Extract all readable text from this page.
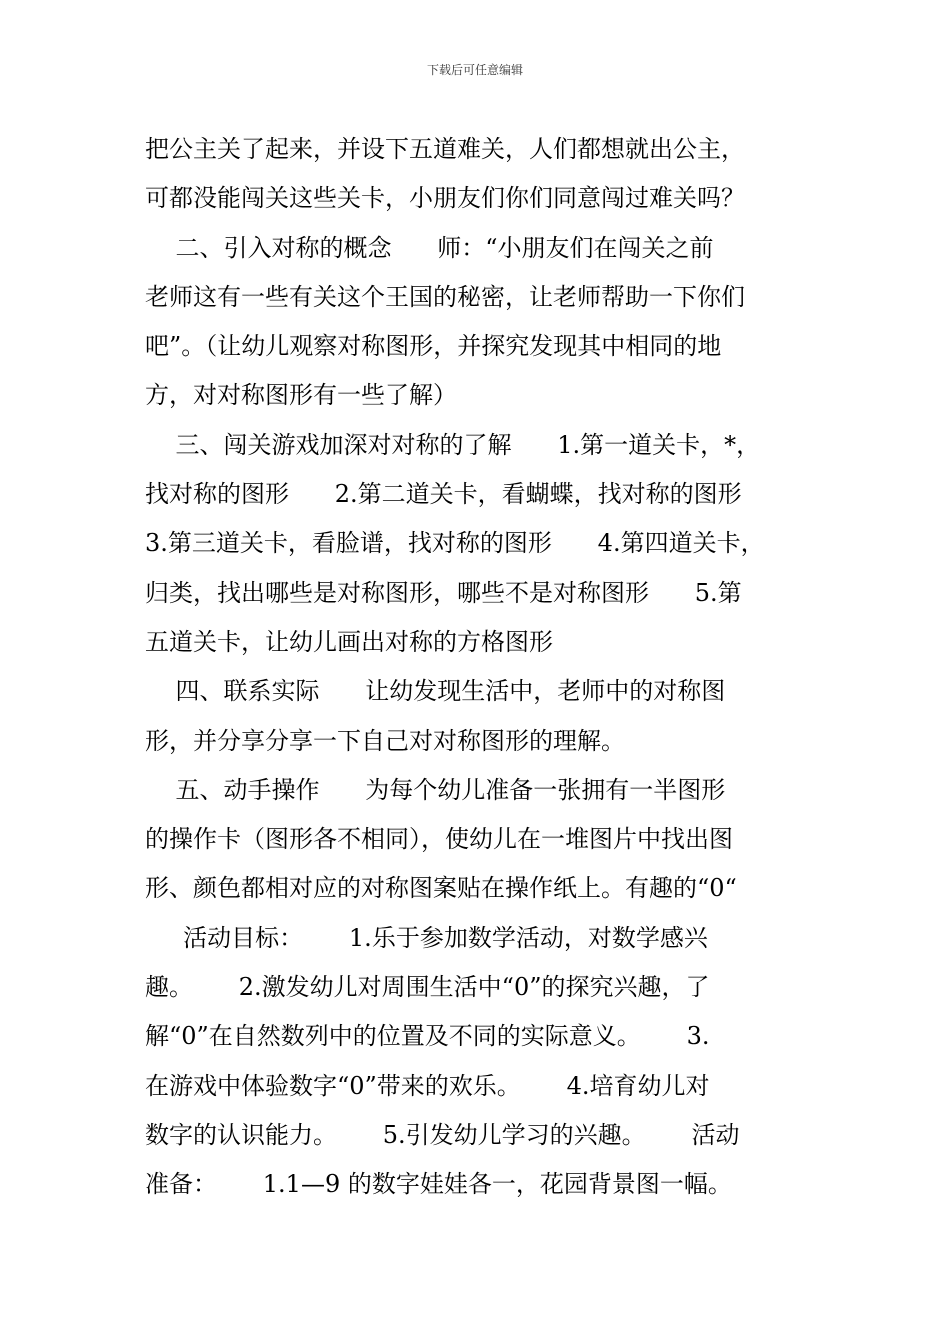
下载后可任意编辑
把公主关了起来，并设下五道难关，人们都想就出公主，
可都没能闯关这些关卡，小朋友们你们同意闯过难关吗？
二、引入对称的概念      师：“小朋友们在闯关之前
老师这有一些有关这个王国的秘密，让老师帮助一下你们
吧”。（让幼儿观察对称图形，并探究发现其中相同的地
方，对对称图形有一些了解）
三、闯关游戏加深对对称的了解      1.第一道关卡，*，
找对称的图形      2.第二道关卡，看蝴蝶，找对称的图形
3.第三道关卡，看脸谱，找对称的图形      4.第四道关卡，
归类，找出哪些是对称图形，哪些不是对称图形      5.第
五道关卡，让幼儿画出对称的方格图形
四、联系实际      让幼发现生活中，老师中的对称图
形，并分享分享一下自己对对称图形的理解。
五、动手操作      为每个幼儿准备一张拥有一半图形
的操作卡（图形各不相同），使幼儿在一堆图片中找出图
形、颜色都相对应的对称图案贴在操作纸上。有趣的“0“
活动目标：      1.乐于参加数学活动，对数学感兴
趣。      2.激发幼儿对周围生活中“0”的探究兴趣，了
解“0”在自然数列中的位置及不同的实际意义。      3.
在游戏中体验数字“0”带来的欢乐。      4.培育幼儿对
数字的认识能力。      5.引发幼儿学习的兴趣。      活动
准备：      1.1—9 的数字娃娃各一，花园背景图一幅。
